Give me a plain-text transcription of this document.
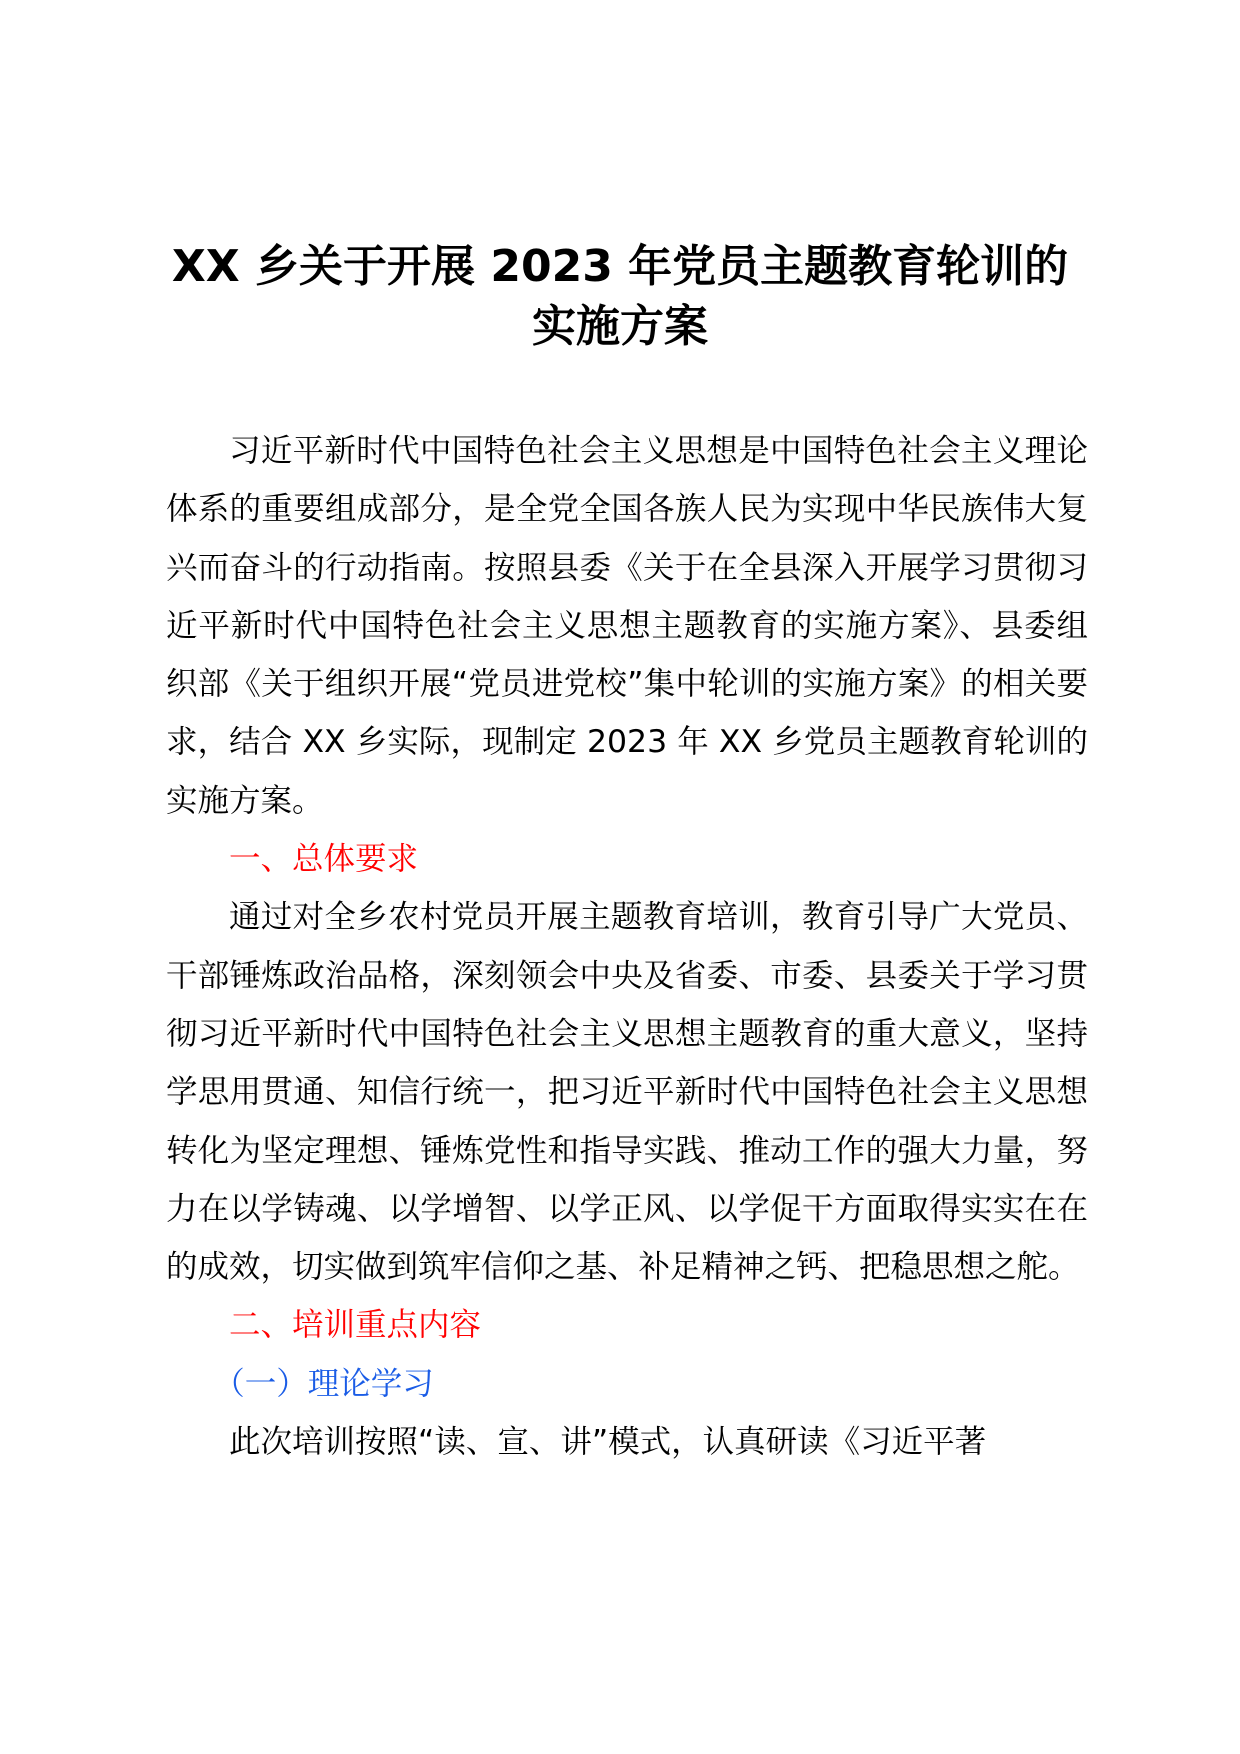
XX 乡关于开展 2023 年党员主题教育轮训的
实施方案

习近平新时代中国特色社会主义思想是中国特色社会主义理论体系的重要组成部分，是全党全国各族人民为实现中华民族伟大复兴而奋斗的行动指南。按照县委《关于在全县深入开展学习贯彻习近平新时代中国特色社会主义思想主题教育的实施方案》、县委组织部《关于组织开展“党员进党校”集中轮训的实施方案》的相关要求，结合 XX 乡实际，现制定 2023 年 XX 乡党员主题教育轮训的实施方案。

一、总体要求

通过对全乡农村党员开展主题教育培训，教育引导广大党员、干部锤炼政治品格，深刻领会中央及省委、市委、县委关于学习贯彻习近平新时代中国特色社会主义思想主题教育的重大意义，坚持学思用贯通、知信行统一，把习近平新时代中国特色社会主义思想转化为坚定理想、锤炼党性和指导实践、推动工作的强大力量，努力在以学铸魂、以学增智、以学正风、以学促干方面取得实实在在的成效，切实做到筑牢信仰之基、补足精神之钙、把稳思想之舵。

二、培训重点内容

（一）理论学习

此次培训按照“读、宣、讲”模式，认真研读《习近平著
